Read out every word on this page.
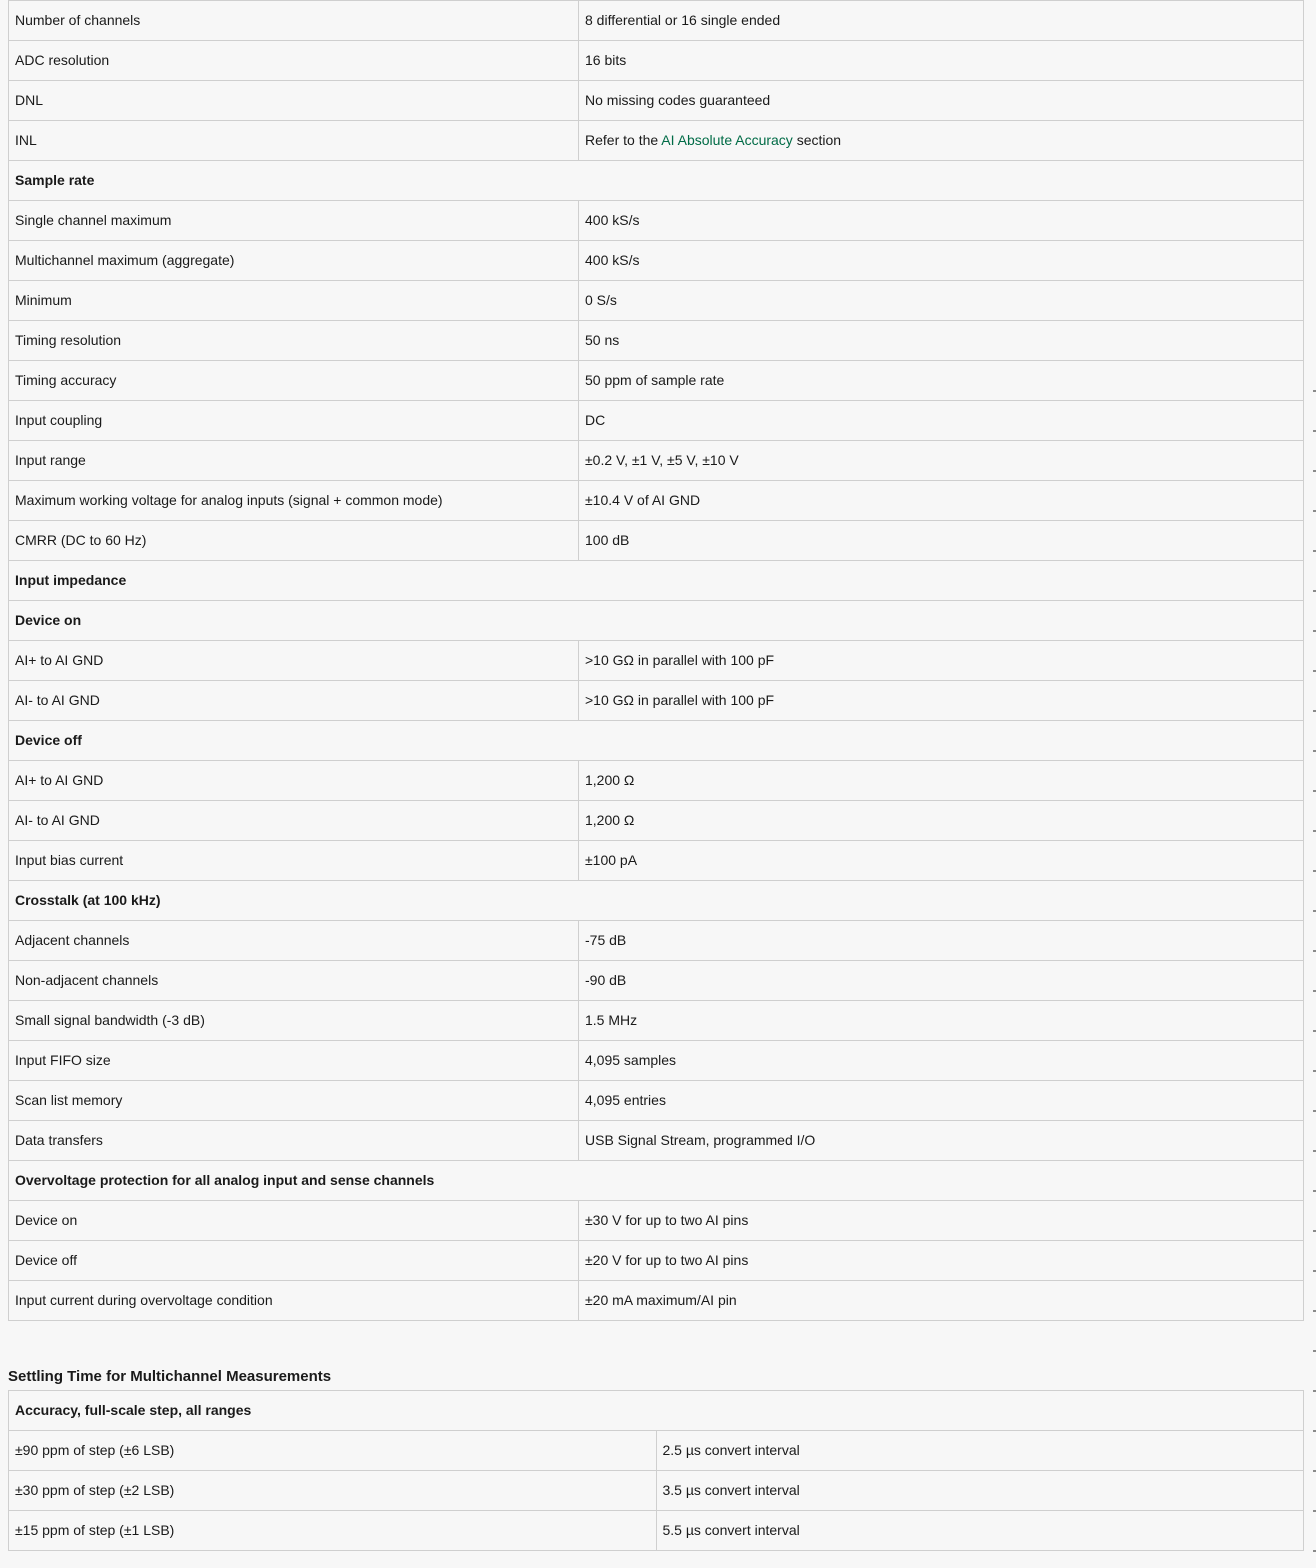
Number of channels	8 differential or 16 single ended
ADC resolution	16 bits
DNL	No missing codes guaranteed
INL	Refer to the AI Absolute Accuracy section
Sample rate	
Single channel maximum	400 kS/s
Multichannel maximum (aggregate)	400 kS/s
Minimum	0 S/s
Timing resolution	50 ns
Timing accuracy	50 ppm of sample rate
Input coupling	DC
Input range	±0.2 V, ±1 V, ±5 V, ±10 V
Maximum working voltage for analog inputs (signal + common mode)	±10.4 V of AI GND
CMRR (DC to 60 Hz)	100 dB
Input impedance	
Device on	
AI+ to AI GND	>10 GΩ in parallel with 100 pF
AI- to AI GND	>10 GΩ in parallel with 100 pF
Device off	
AI+ to AI GND	1,200 Ω
AI- to AI GND	1,200 Ω
Input bias current	±100 pA
Crosstalk (at 100 kHz)	
Adjacent channels	-75 dB
Non-adjacent channels	-90 dB
Small signal bandwidth (-3 dB)	1.5 MHz
Input FIFO size	4,095 samples
Scan list memory	4,095 entries
Data transfers	USB Signal Stream, programmed I/O
Overvoltage protection for all analog input and sense channels	
Device on	±30 V for up to two AI pins
Device off	±20 V for up to two AI pins
Input current during overvoltage condition	±20 mA maximum/AI pin
Settling Time for Multichannel Measurements
Accuracy, full-scale step, all ranges	
±90 ppm of step (±6 LSB)	2.5 µs convert interval
±30 ppm of step (±2 LSB)	3.5 µs convert interval
±15 ppm of step (±1 LSB)	5.5 µs convert interval
